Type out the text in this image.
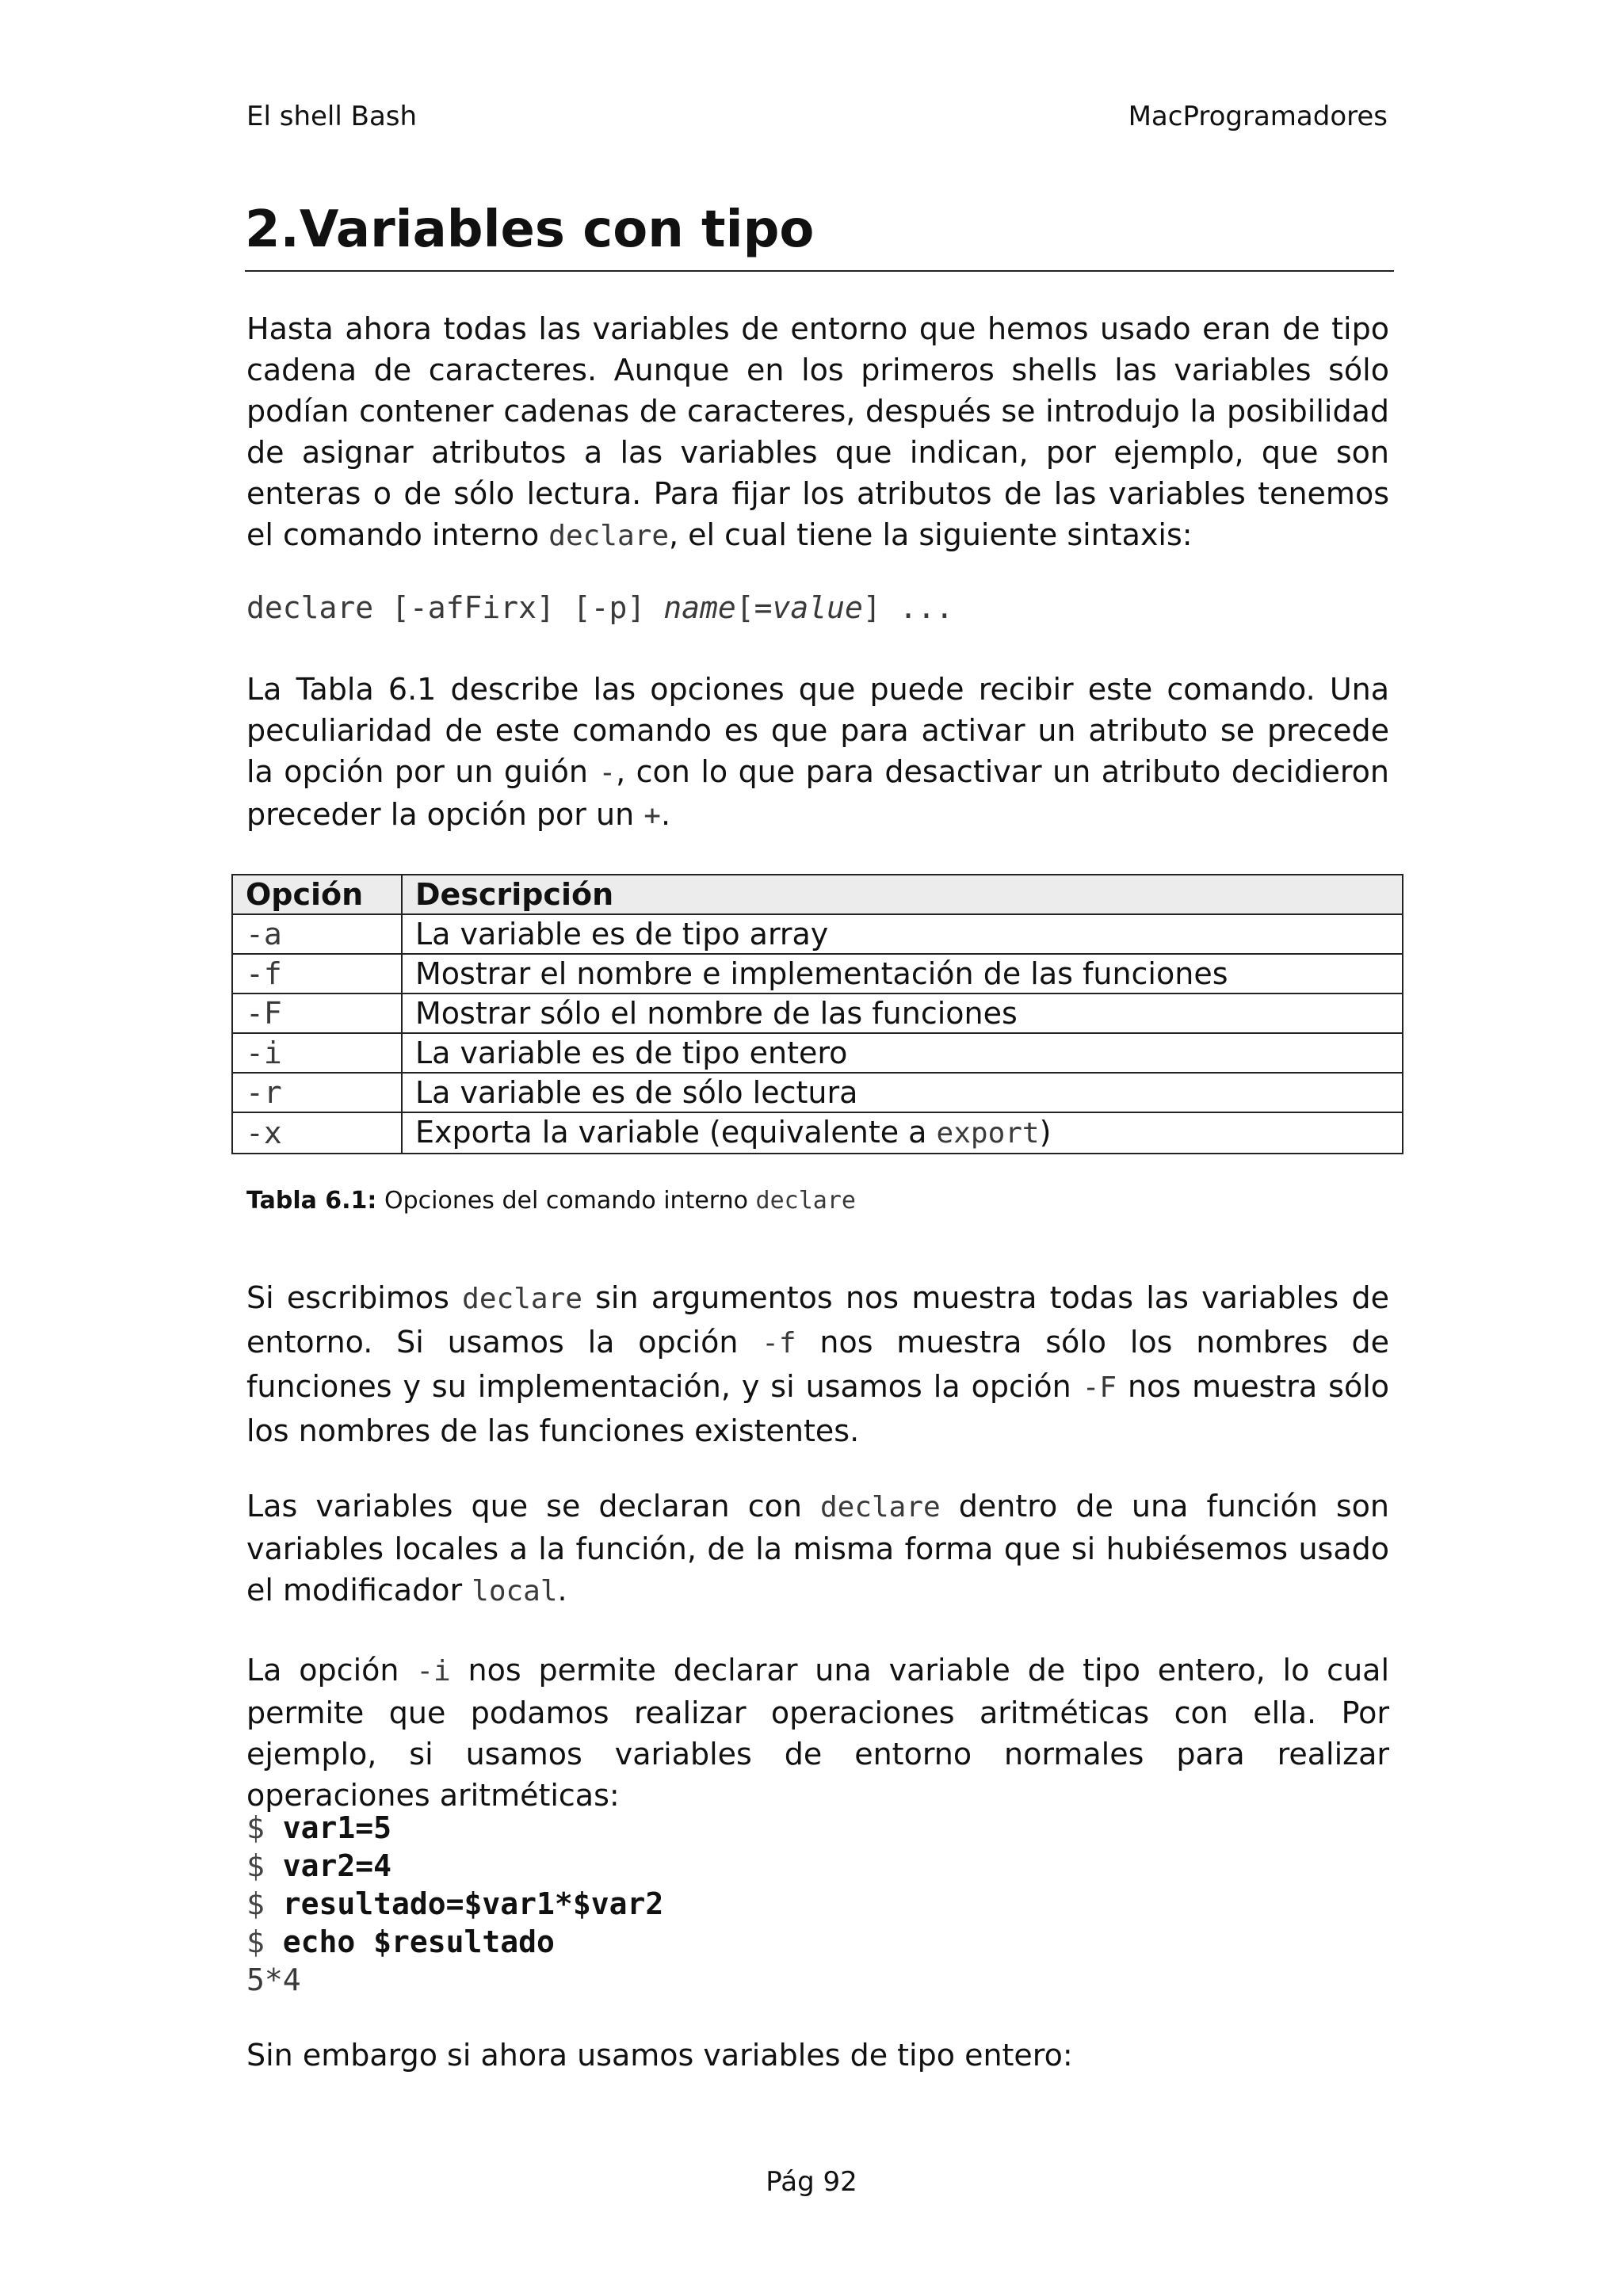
El shell Bash	MacProgramadores
2.Variables con tipo

Hasta ahora todas las variables de entorno que hemos usado eran de tipo cadena de caracteres. Aunque en los primeros shells las variables sólo podían contener cadenas de caracteres, después se introdujo la posibilidad de asignar atributos a las variables que indican, por ejemplo, que son enteras o de sólo lectura. Para fijar los atributos de las variables tenemos el comando interno declare, el cual tiene la siguiente sintaxis:

declare [-afFirx] [-p] name[=value] ...

La Tabla 6.1 describe las opciones que puede recibir este comando. Una peculiaridad de este comando es que para activar un atributo se precede la opción por un guión -, con lo que para desactivar un atributo decidieron preceder la opción por un +.

Opción	Descripción
-a	La variable es de tipo array
-f	Mostrar el nombre e implementación de las funciones
-F	Mostrar sólo el nombre de las funciones
-i	La variable es de tipo entero
-r	La variable es de sólo lectura
-x	Exporta la variable (equivalente a export)
Tabla 6.1: Opciones del comando interno declare

Si escribimos declare sin argumentos nos muestra todas las variables de entorno. Si usamos la opción -f nos muestra sólo los nombres de funciones y su implementación, y si usamos la opción -F nos muestra sólo los nombres de las funciones existentes.

Las variables que se declaran con declare dentro de una función son variables locales a la función, de la misma forma que si hubiésemos usado el modificador local.

La opción -i nos permite declarar una variable de tipo entero, lo cual permite que podamos realizar operaciones aritméticas con ella. Por ejemplo, si usamos variables de entorno normales para realizar operaciones aritméticas:

$ var1=5
$ var2=4
$ resultado=$var1*$var2
$ echo $resultado
5*4

Sin embargo si ahora usamos variables de tipo entero:

Pág 92
